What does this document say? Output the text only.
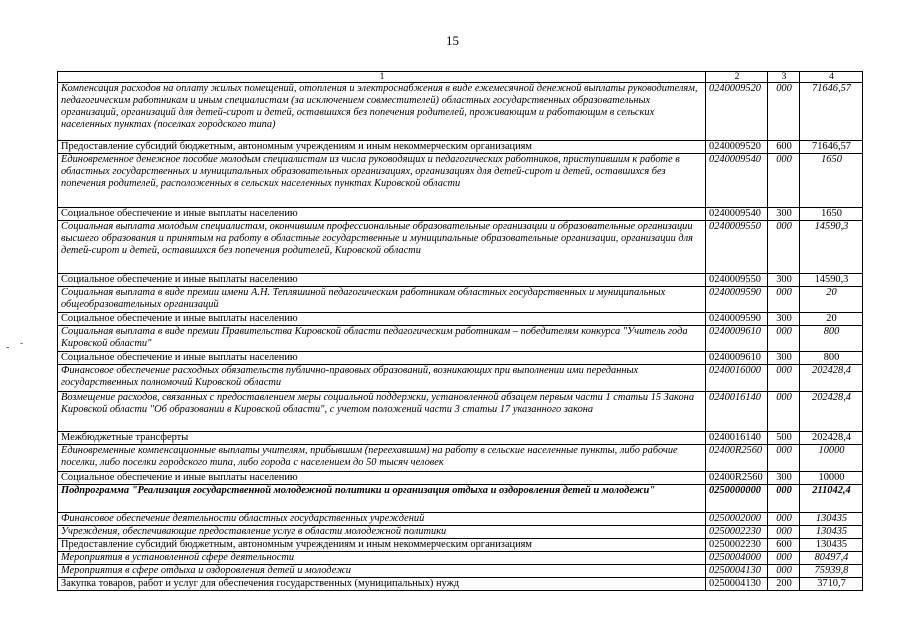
15
- ˘
1	2	3	4
Компенсация расходов на оплату жилых помещений, отопления и электроснабжения в виде ежемесячной денежной выплаты руководителям, педагогическим работникам и иным специалистам (за исключением совместителей) областных государственных образовательных организаций, организаций для детей-сирот и детей, оставшихся без попечения родителей, проживающим и работающим в сельских населенных пунктах (поселках городского типа)	0240009520	000	71646,57
Предоставление субсидий бюджетным, автономным учреждениям и иным некоммерческим организациям	0240009520	600	71646,57
Единовременное денежное пособие молодым специалистам из числа руководящих и педагогических работников, приступившим к работе в областных государственных и муниципальных образовательных организациях, организациях для детей-сирот и детей, оставшихся без попечения родителей, расположенных в сельских населенных пунктах Кировской области	0240009540	000	1650
Социальное обеспечение и иные выплаты населению	0240009540	300	1650
Социальная выплата молодым специалистам, окончившим профессиональные образовательные организации и образовательные организации высшего образования и принятым на работу в областные государственные и муниципальные образовательные организации, организации для детей-сирот и детей, оставшихся без попечения родителей, Кировской области	0240009550	000	14590,3
Социальное обеспечение и иные выплаты населению	0240009550	300	14590,3
Социальная выплата в виде премии имени А.Н. Тепляшиной педагогическим работникам областных государственных и муниципальных общеобразовательных организаций	0240009590	000	20
Социальное обеспечение и иные выплаты населению	0240009590	300	20
Социальная выплата в виде премии Правительства Кировской области педагогическим работникам – победителям конкурса "Учитель года Кировской области"	0240009610	000	800
Социальное обеспечение и иные выплаты населению	0240009610	300	800
Финансовое обеспечение расходных обязательств публично-правовых образований, возникающих при выполнении ими переданных государственных полномочий Кировской области	0240016000	000	202428,4
Возмещение расходов, связанных с предоставлением меры социальной поддержки, установленной абзацем первым части 1 статьи 15 Закона Кировской области "Об образовании в Кировской области", с учетом положений части 3 статьи 17 указанного закона	0240016140	000	202428,4
Межбюджетные трансферты	0240016140	500	202428,4
Единовременные компенсационные выплаты учителям, прибывшим (переехавшим) на работу в сельские населенные пункты, либо рабочие поселки, либо поселки городского типа, либо города с населением до 50 тысяч человек	02400R2560	000	10000
Социальное обеспечение и иные выплаты населению	02400R2560	300	10000
Подпрограмма "Реализация государственной молодежной политики и организация отдыха и оздоровления детей и молодежи"	0250000000	000	211042,4
Финансовое обеспечение деятельности областных государственных учреждений	0250002000	000	130435
Учреждения, обеспечивающие предоставление услуг в области молодежной политики	0250002230	000	130435
Предоставление субсидий бюджетным, автономным учреждениям и иным некоммерческим организациям	0250002230	600	130435
Мероприятия в установленной сфере деятельности	0250004000	000	80497,4
Мероприятия в сфере отдыха и оздоровления детей и молодежи	0250004130	000	75939,8
Закупка товаров, работ и услуг для обеспечения государственных (муниципальных) нужд	0250004130	200	3710,7
